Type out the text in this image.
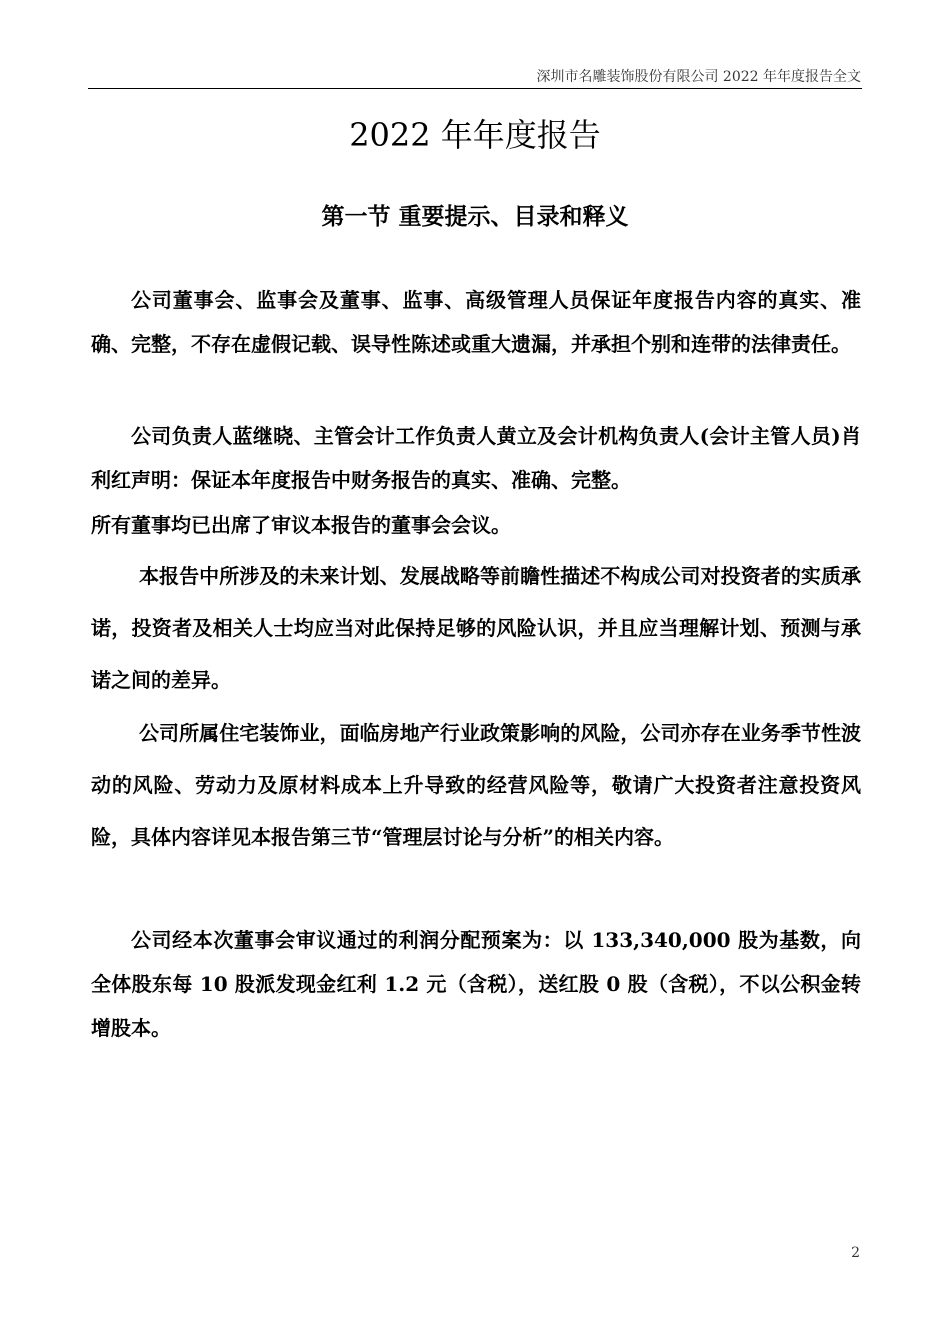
深圳市名雕装饰股份有限公司 2022 年年度报告全文
2022 年年度报告
第一节 重要提示、目录和释义

公司董事会、监事会及董事、监事、高级管理人员保证年度报告内容的真实、准确、完整，不存在虚假记载、误导性陈述或重大遗漏，并承担个别和连带的法律责任。

公司负责人蓝继晓、主管会计工作负责人黄立及会计机构负责人(会计主管人员)肖利红声明：保证本年度报告中财务报告的真实、准确、完整。

所有董事均已出席了审议本报告的董事会会议。

本报告中所涉及的未来计划、发展战略等前瞻性描述不构成公司对投资者的实质承诺，投资者及相关人士均应当对此保持足够的风险认识，并且应当理解计划、预测与承诺之间的差异。

公司所属住宅装饰业，面临房地产行业政策影响的风险，公司亦存在业务季节性波动的风险、劳动力及原材料成本上升导致的经营风险等，敬请广大投资者注意投资风险，具体内容详见本报告第三节“管理层讨论与分析”的相关内容。

公司经本次董事会审议通过的利润分配预案为：以 133,340,000 股为基数，向全体股东每 10 股派发现金红利 1.2 元（含税），送红股 0 股（含税），不以公积金转增股本。

2
